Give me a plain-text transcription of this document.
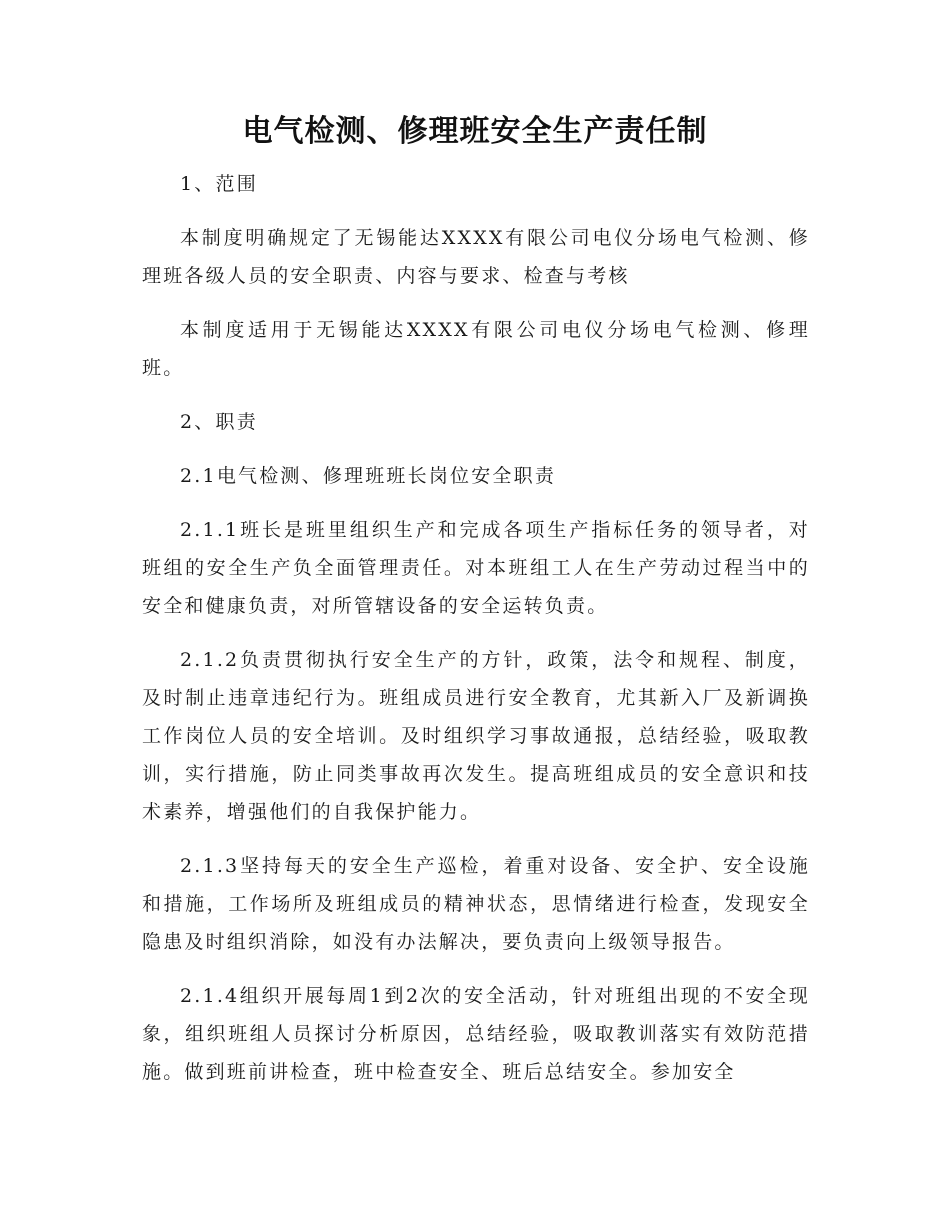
电气检测、修理班安全生产责任制

1、范围

本制度明确规定了无锡能达XXXX有限公司电仪分场电气检测、修理班各级人员的安全职责、内容与要求、检查与考核

本制度适用于无锡能达XXXX有限公司电仪分场电气检测、修理班。

2、职责

2.1电气检测、修理班班长岗位安全职责

2.1.1班长是班里组织生产和完成各项生产指标任务的领导者，对班组的安全生产负全面管理责任。对本班组工人在生产劳动过程当中的安全和健康负责，对所管辖设备的安全运转负责。

2.1.2负责贯彻执行安全生产的方针，政策，法令和规程、制度，及时制止违章违纪行为。班组成员进行安全教育，尤其新入厂及新调换工作岗位人员的安全培训。及时组织学习事故通报，总结经验，吸取教训，实行措施，防止同类事故再次发生。提高班组成员的安全意识和技术素养，增强他们的自我保护能力。

2.1.3坚持每天的安全生产巡检，着重对设备、安全护、安全设施和措施，工作场所及班组成员的精神状态，思情绪进行检查，发现安全隐患及时组织消除，如没有办法解决，要负责向上级领导报告。

2.1.4组织开展每周1到2次的安全活动，针对班组出现的不安全现象，组织班组人员探讨分析原因，总结经验，吸取教训落实有效防范措施。做到班前讲检查，班中检查安全、班后总结安全。参加安全
